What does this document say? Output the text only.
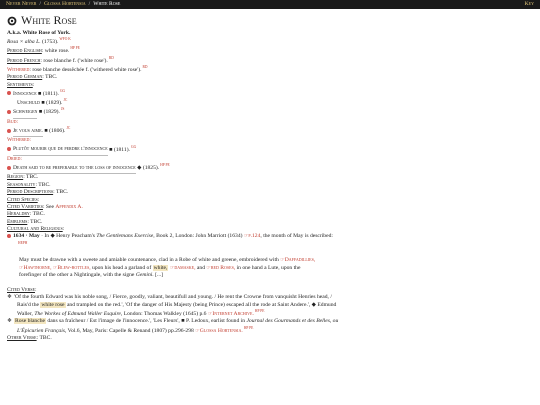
Never Never / Glossa Hortensia / White Rose	Key
White Rose

A.k.a. White Rose of York.

Rosa × alba L. (1753).$^{WFO K}$

Period English: white rose.$^{HP PE}$

Period French: rose blanche f. ('white rose').$^{RD}$

Withered: rose blanche dessêchée f. ('withered white rose').$^{RD}$

Period German: TBC.

Sentiments:

Innocence ■ (1811).$^{GG}$

Unschuld ■ (1829).$^{JC}$

Schweigen ■ (1829).$^{JS}$

Bud:

Je vous aime. ■ (1806).$^{JC}$

Withered:

Plutôt mourir que de perdre l'innocence ■ (1811).$^{GG}$

Dried:

Death said to be preferable to the loss of innocence ◆ (1825).$^{HP PE}$

Region: TBC.

Seasonality: TBC.

Period Descriptions: TBC.

Cited Species:

Cited Varieties: See Appendix A.

Heraldry: TBC.

Emblems: TBC.

Cultural and Religious:

1634 · May · In ◆ Henry Peacham's The Gentlemans Exercise, Book 2, London: John Marriott (1634) ☞p.124, the month of May is described:

$^{HEPH}$

May must be drawne with a sweete and amiable countenance, clad in a Robe of white and greene, embroidered with ☞Daffadillies,

☞Hawthorne, ☞Blew-bottles, upon his head a garland of white, ☞damaske, and ☞red Roses, in one hand a Lute, upon the

forefinger of the other a Nightingale, with the signe Gemini. [...]

Cited Verse:

❖ 'Of the fourth Edward was his noble song, / Fierce, goodly, valiant, beautifull and young. / He rent the Crowne from vanquisht Henries head, /

Rais'd the white rose and trampled on the red.', 'Of the danger of His Majesty (being Prince) escaped all the rode at Saint Andere.', ◆ Edmund

Waller, The Workes of Edmund Waller Esquire, London: Thomas Walkley (1645) p.6 ☞Internet Archive.$^{HP PE}$

❖ Rose blanche dans sa fraîcheur / Est l'image de l'innocence.', 'Les Fleurs', ■ P. Ledoux, earlist found in Journal des Gourmands et des Belles, ou

L'Épicurien Français, Vol.6, May, Paris: Capelle & Renand (1807) pp.296-298 ☞Glossa Hortensia.$^{HP PE}$

Other Verse: TBC.
